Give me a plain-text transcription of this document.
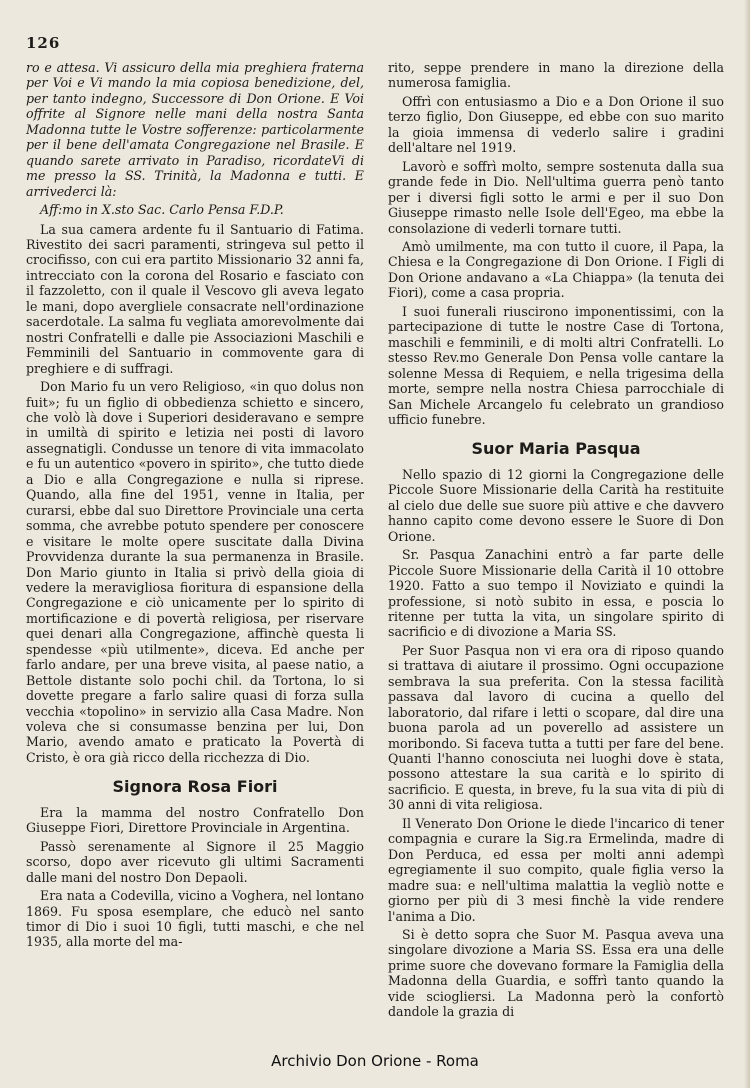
126

ro e attesa. Vi assicuro della mia preghiera fraterna per Voi e Vi mando la mia copiosa benedizione, del, per tanto indegno, Successore di Don Orione. E Voi offrite al Signore nelle mani della nostra Santa Madonna tutte le Vostre sofferenze: particolarmente per il bene dell'amata Congregazione nel Brasile. E quando sarete arrivato in Paradiso, ricordateVi di me presso la SS. Trinità, la Madonna e tutti. E arrivederci là:

Aff:mo in X.sto Sac. Carlo Pensa F.D.P.

La sua camera ardente fu il Santuario di Fatima. Rivestito dei sacri paramenti, stringeva sul petto il crocifisso, con cui era partito Missionario 32 anni fa, intrecciato con la corona del Rosario e fasciato con il fazzoletto, con il quale il Vescovo gli aveva legato le mani, dopo avergliele consacrate nell'ordinazione sacerdotale. La salma fu vegliata amorevolmente dai nostri Confratelli e dalle pie Associazioni Maschili e Femminili del Santuario in commovente gara di preghiere e di suffragi.

Don Mario fu un vero Religioso, «in quo dolus non fuit»; fu un figlio di obbedienza schietto e sincero, che volò là dove i Superiori desideravano e sempre in umiltà di spirito e letizia nei posti di lavoro assegnatigli. Condusse un tenore di vita immacolato e fu un autentico «povero in spirito», che tutto diede a Dio e alla Congregazione e nulla si riprese. Quando, alla fine del 1951, venne in Italia, per curarsi, ebbe dal suo Direttore Provinciale una certa somma, che avrebbe potuto spendere per conoscere e visitare le molte opere suscitate dalla Divina Provvidenza durante la sua permanenza in Brasile. Don Mario giunto in Italia si privò della gioia di vedere la meravigliosa fioritura di espansione della Congregazione e ciò unicamente per lo spirito di mortificazione e di povertà religiosa, per riservare quei denari alla Congregazione, affinchè questa li spendesse «più utilmente», diceva. Ed anche per farlo andare, per una breve visita, al paese natio, a Bettole distante solo pochi chil. da Tortona, lo si dovette pregare a farlo salire quasi di forza sulla vecchia «topolino» in servizio alla Casa Madre. Non voleva che si consumasse benzina per lui, Don Mario, avendo amato e praticato la Povertà di Cristo, è ora già ricco della ricchezza di Dio.

Signora Rosa Fiori

Era la mamma del nostro Confratello Don Giuseppe Fiori, Direttore Provinciale in Argentina.

Passò serenamente al Signore il 25 Maggio scorso, dopo aver ricevuto gli ultimi Sacramenti dalle mani del nostro Don Depaoli.

Era nata a Codevilla, vicino a Voghera, nel lontano 1869. Fu sposa esemplare, che educò nel santo timor di Dio i suoi 10 figli, tutti maschi, e che nel 1935, alla morte del ma-

rito, seppe prendere in mano la direzione della numerosa famiglia.

Offrì con entusiasmo a Dio e a Don Orione il suo terzo figlio, Don Giuseppe, ed ebbe con suo marito la gioia immensa di vederlo salire i gradini dell'altare nel 1919.

Lavorò e soffrì molto, sempre sostenuta dalla sua grande fede in Dio. Nell'ultima guerra penò tanto per i diversi figli sotto le armi e per il suo Don Giuseppe rimasto nelle Isole dell'Egeo, ma ebbe la consolazione di vederli tornare tutti.

Amò umilmente, ma con tutto il cuore, il Papa, la Chiesa e la Congregazione di Don Orione. I Figli di Don Orione andavano a «La Chiappa» (la tenuta dei Fiori), come a casa propria.

I suoi funerali riuscirono imponentissimi, con la partecipazione di tutte le nostre Case di Tortona, maschili e femminili, e di molti altri Confratelli. Lo stesso Rev.mo Generale Don Pensa volle cantare la solenne Messa di Requiem, e nella trigesima della morte, sempre nella nostra Chiesa parrocchiale di San Michele Arcangelo fu celebrato un grandioso ufficio funebre.

Suor Maria Pasqua

Nello spazio di 12 giorni la Congregazione delle Piccole Suore Missionarie della Carità ha restituite al cielo due delle sue suore più attive e che davvero hanno capito come devono essere le Suore di Don Orione.

Sr. Pasqua Zanachini entrò a far parte delle Piccole Suore Missionarie della Carità il 10 ottobre 1920. Fatto a suo tempo il Noviziato e quindi la professione, si notò subito in essa, e poscia lo ritenne per tutta la vita, un singolare spirito di sacrificio e di divozione a Maria SS.

Per Suor Pasqua non vi era ora di riposo quando si trattava di aiutare il prossimo. Ogni occupazione sembrava la sua preferita. Con la stessa facilità passava dal lavoro di cucina a quello del laboratorio, dal rifare i letti o scopare, dal dire una buona parola ad un poverello ad assistere un moribondo. Si faceva tutta a tutti per fare del bene. Quanti l'hanno conosciuta nei luoghi dove è stata, possono attestare la sua carità e lo spirito di sacrificio. E questa, in breve, fu la sua vita di più di 30 anni di vita religiosa.

Il Venerato Don Orione le diede l'incarico di tener compagnia e curare la Sig.ra Ermelinda, madre di Don Perduca, ed essa per molti anni adempì egregiamente il suo compito, quale figlia verso la madre sua: e nell'ultima malattia la vegliò notte e giorno per più di 3 mesi finchè la vide rendere l'anima a Dio.

Si è detto sopra che Suor M. Pasqua aveva una singolare divozione a Maria SS. Essa era una delle prime suore che dovevano formare la Famiglia della Madonna della Guardia, e soffrì tanto quando la vide sciogliersi. La Madonna però la confortò dandole la grazia di

Archivio Don Orione - Roma
